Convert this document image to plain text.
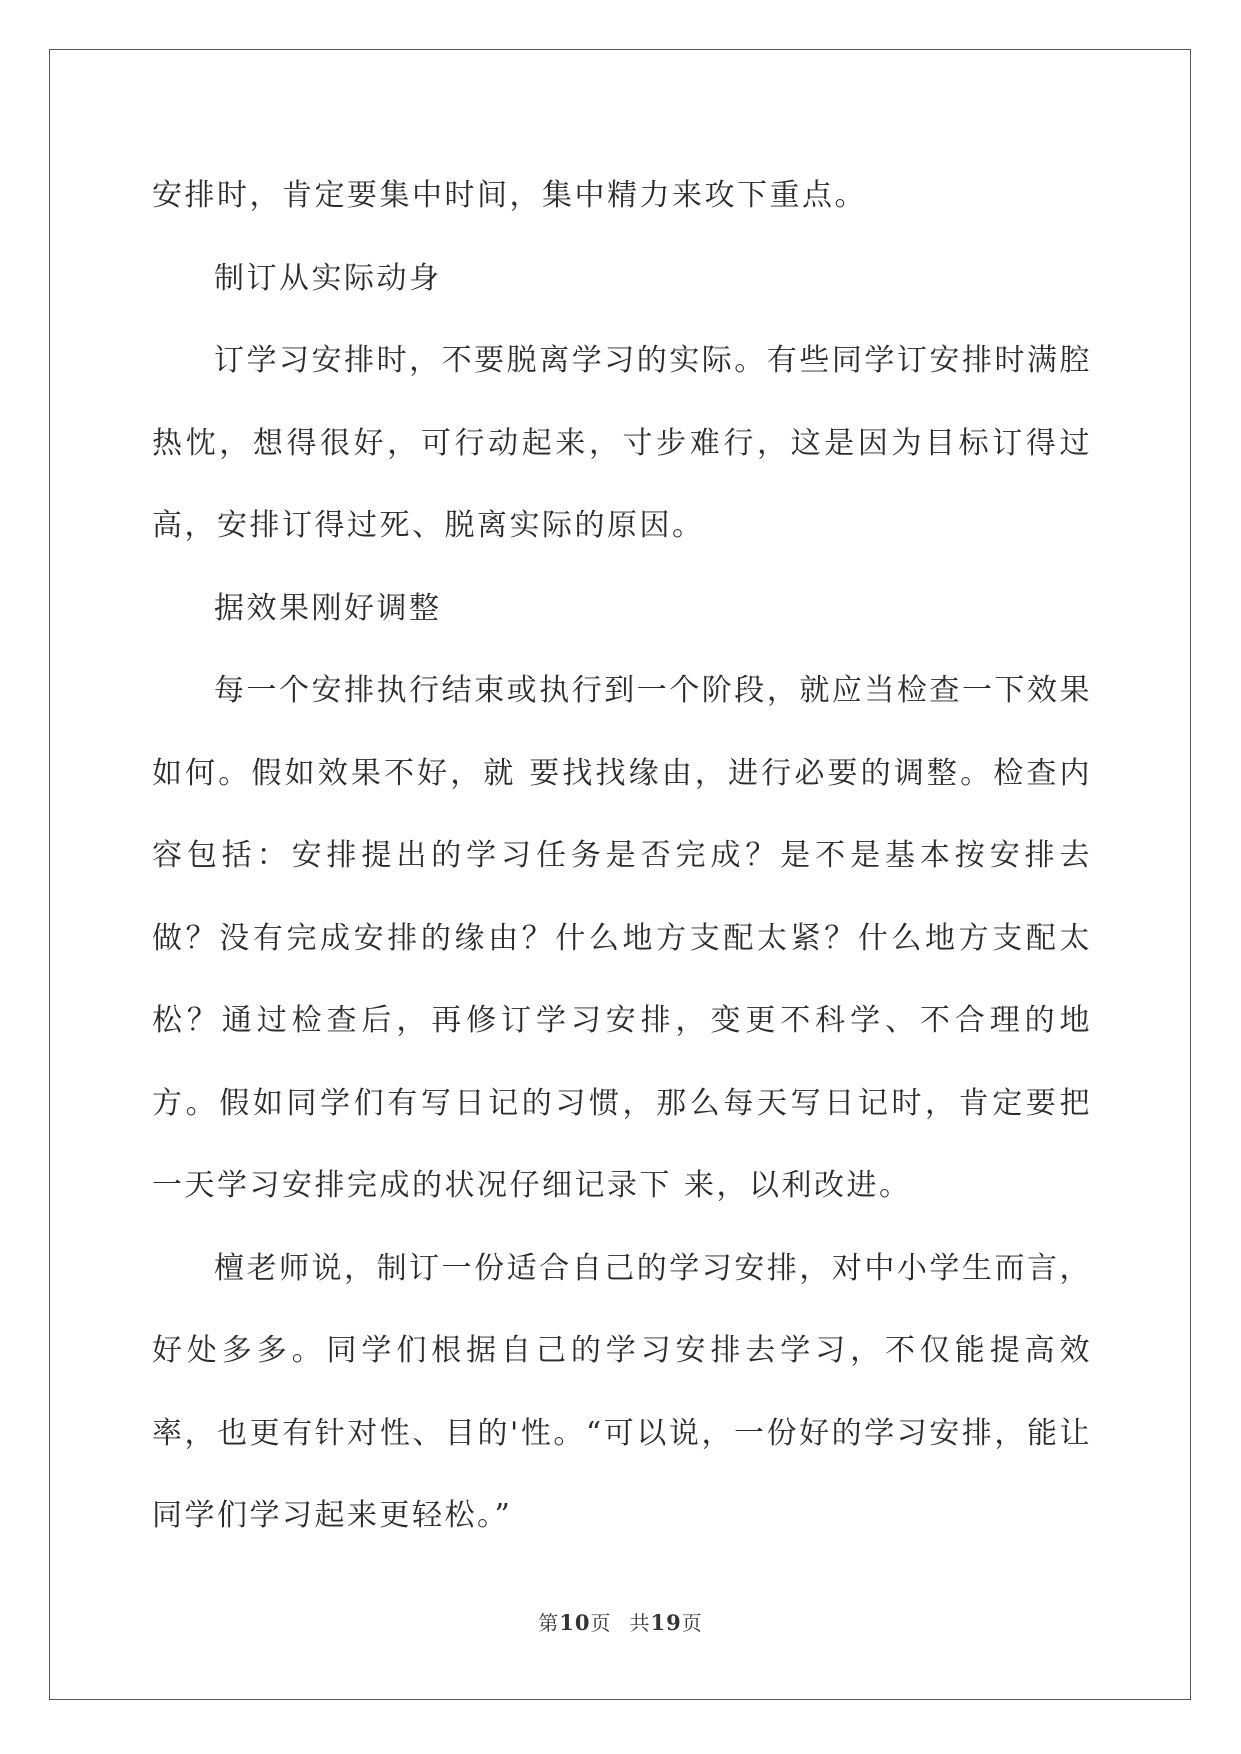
安排时，肯定要集中时间，集中精力来攻下重点。

制订从实际动身

订学习安排时，不要脱离学习的实际。有些同学订安排时满腔热忱，想得很好，可行动起来，寸步难行，这是因为目标订得过高，安排订得过死、脱离实际的原因。

据效果刚好调整

每一个安排执行结束或执行到一个阶段，就应当检查一下效果如何。假如效果不好，就 要找找缘由，进行必要的调整。检查内容包括：安排提出的学习任务是否完成？是不是基本按安排去做？没有完成安排的缘由？什么地方支配太紧？什么地方支配太 松？通过检查后，再修订学习安排，变更不科学、不合理的地方。假如同学们有写日记的习惯，那么每天写日记时，肯定要把一天学习安排完成的状况仔细记录下 来，以利改进。

檀老师说，制订一份适合自己的学习安排，对中小学生而言，好处多多。同学们根据自己的学习安排去学习，不仅能提高效率，也更有针对性、目的'性。“可以说，一份好的学习安排，能让同学们学习起来更轻松。”

第10页 共19页
